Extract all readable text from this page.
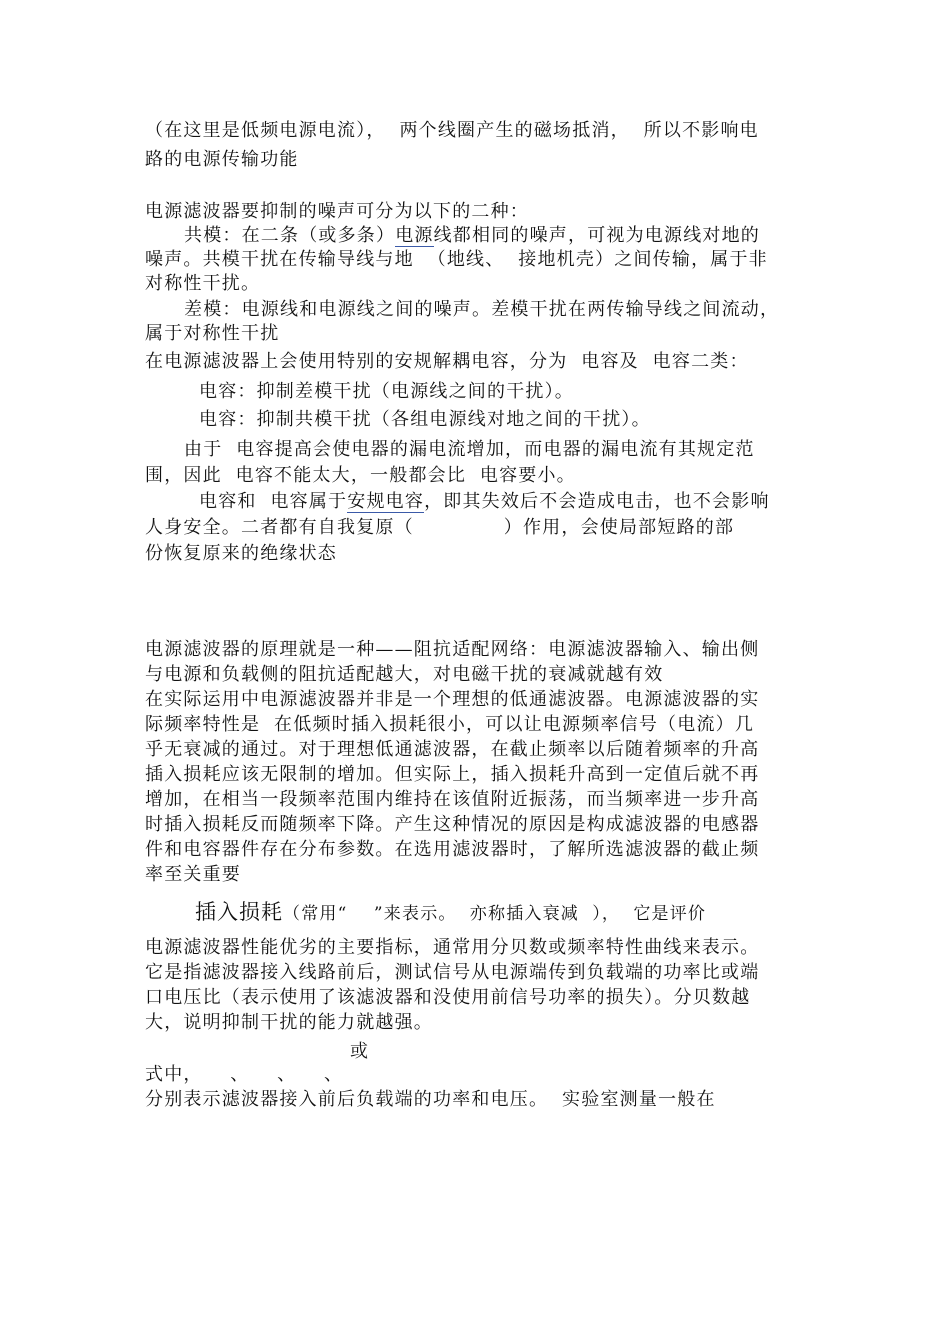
（在这里是低频电源电流），  两个线圈产生的磁场抵消，  所以不影响电
路的电源传输功能
电源滤波器要抑制的噪声可分为以下的二种：
共模：在二条（或多条）电源线都相同的噪声，可视为电源线对地的
噪声。共模干扰在传输导线与地  （地线、  接地机壳）之间传输，属于非
对称性干扰。
差模：电源线和电源线之间的噪声。差模干扰在两传输导线之间流动，
属于对称性干扰
在电源滤波器上会使用特别的安规解耦电容，分为  电容及  电容二类：
电容：抑制差模干扰（电源线之间的干扰）。
电容：抑制共模干扰（各组电源线对地之间的干扰）。
由于  电容提高会使电器的漏电流增加，而电器的漏电流有其规定范
围，因此  电容不能太大，一般都会比  电容要小。
电容和  电容属于安规电容，即其失效后不会造成电击，也不会影响
人身安全。二者都有自我复原（             ）作用，会使局部短路的部
份恢复原来的绝缘状态
电源滤波器的原理就是一种——阻抗适配网络：电源滤波器输入、输出侧
与电源和负载侧的阻抗适配越大，对电磁干扰的衰减就越有效
在实际运用中电源滤波器并非是一个理想的低通滤波器。电源滤波器的实
际频率特性是  在低频时插入损耗很小，可以让电源频率信号（电流）几
乎无衰减的通过。对于理想低通滤波器，在截止频率以后随着频率的升高
插入损耗应该无限制的增加。但实际上，插入损耗升高到一定值后就不再
增加，在相当一段频率范围内维持在该值附近振荡，而当频率进一步升高
时插入损耗反而随频率下降。产生这种情况的原因是构成滤波器的电感器
件和电容器件存在分布参数。在选用滤波器时，了解所选滤波器的截止频
率至关重要
插入损耗（常用“    ”来表示。  亦称插入衰减  ），  它是评价
电源滤波器性能优劣的主要指标，通常用分贝数或频率特性曲线来表示。
它是指滤波器接入线路前后，测试信号从电源端传到负载端的功率比或端
口电压比（表示使用了该滤波器和没使用前信号功率的损失）。分贝数越
大，说明抑制干扰的能力就越强。
或
式中，    、    、    、
分别表示滤波器接入前后负载端的功率和电压。  实验室测量一般在
